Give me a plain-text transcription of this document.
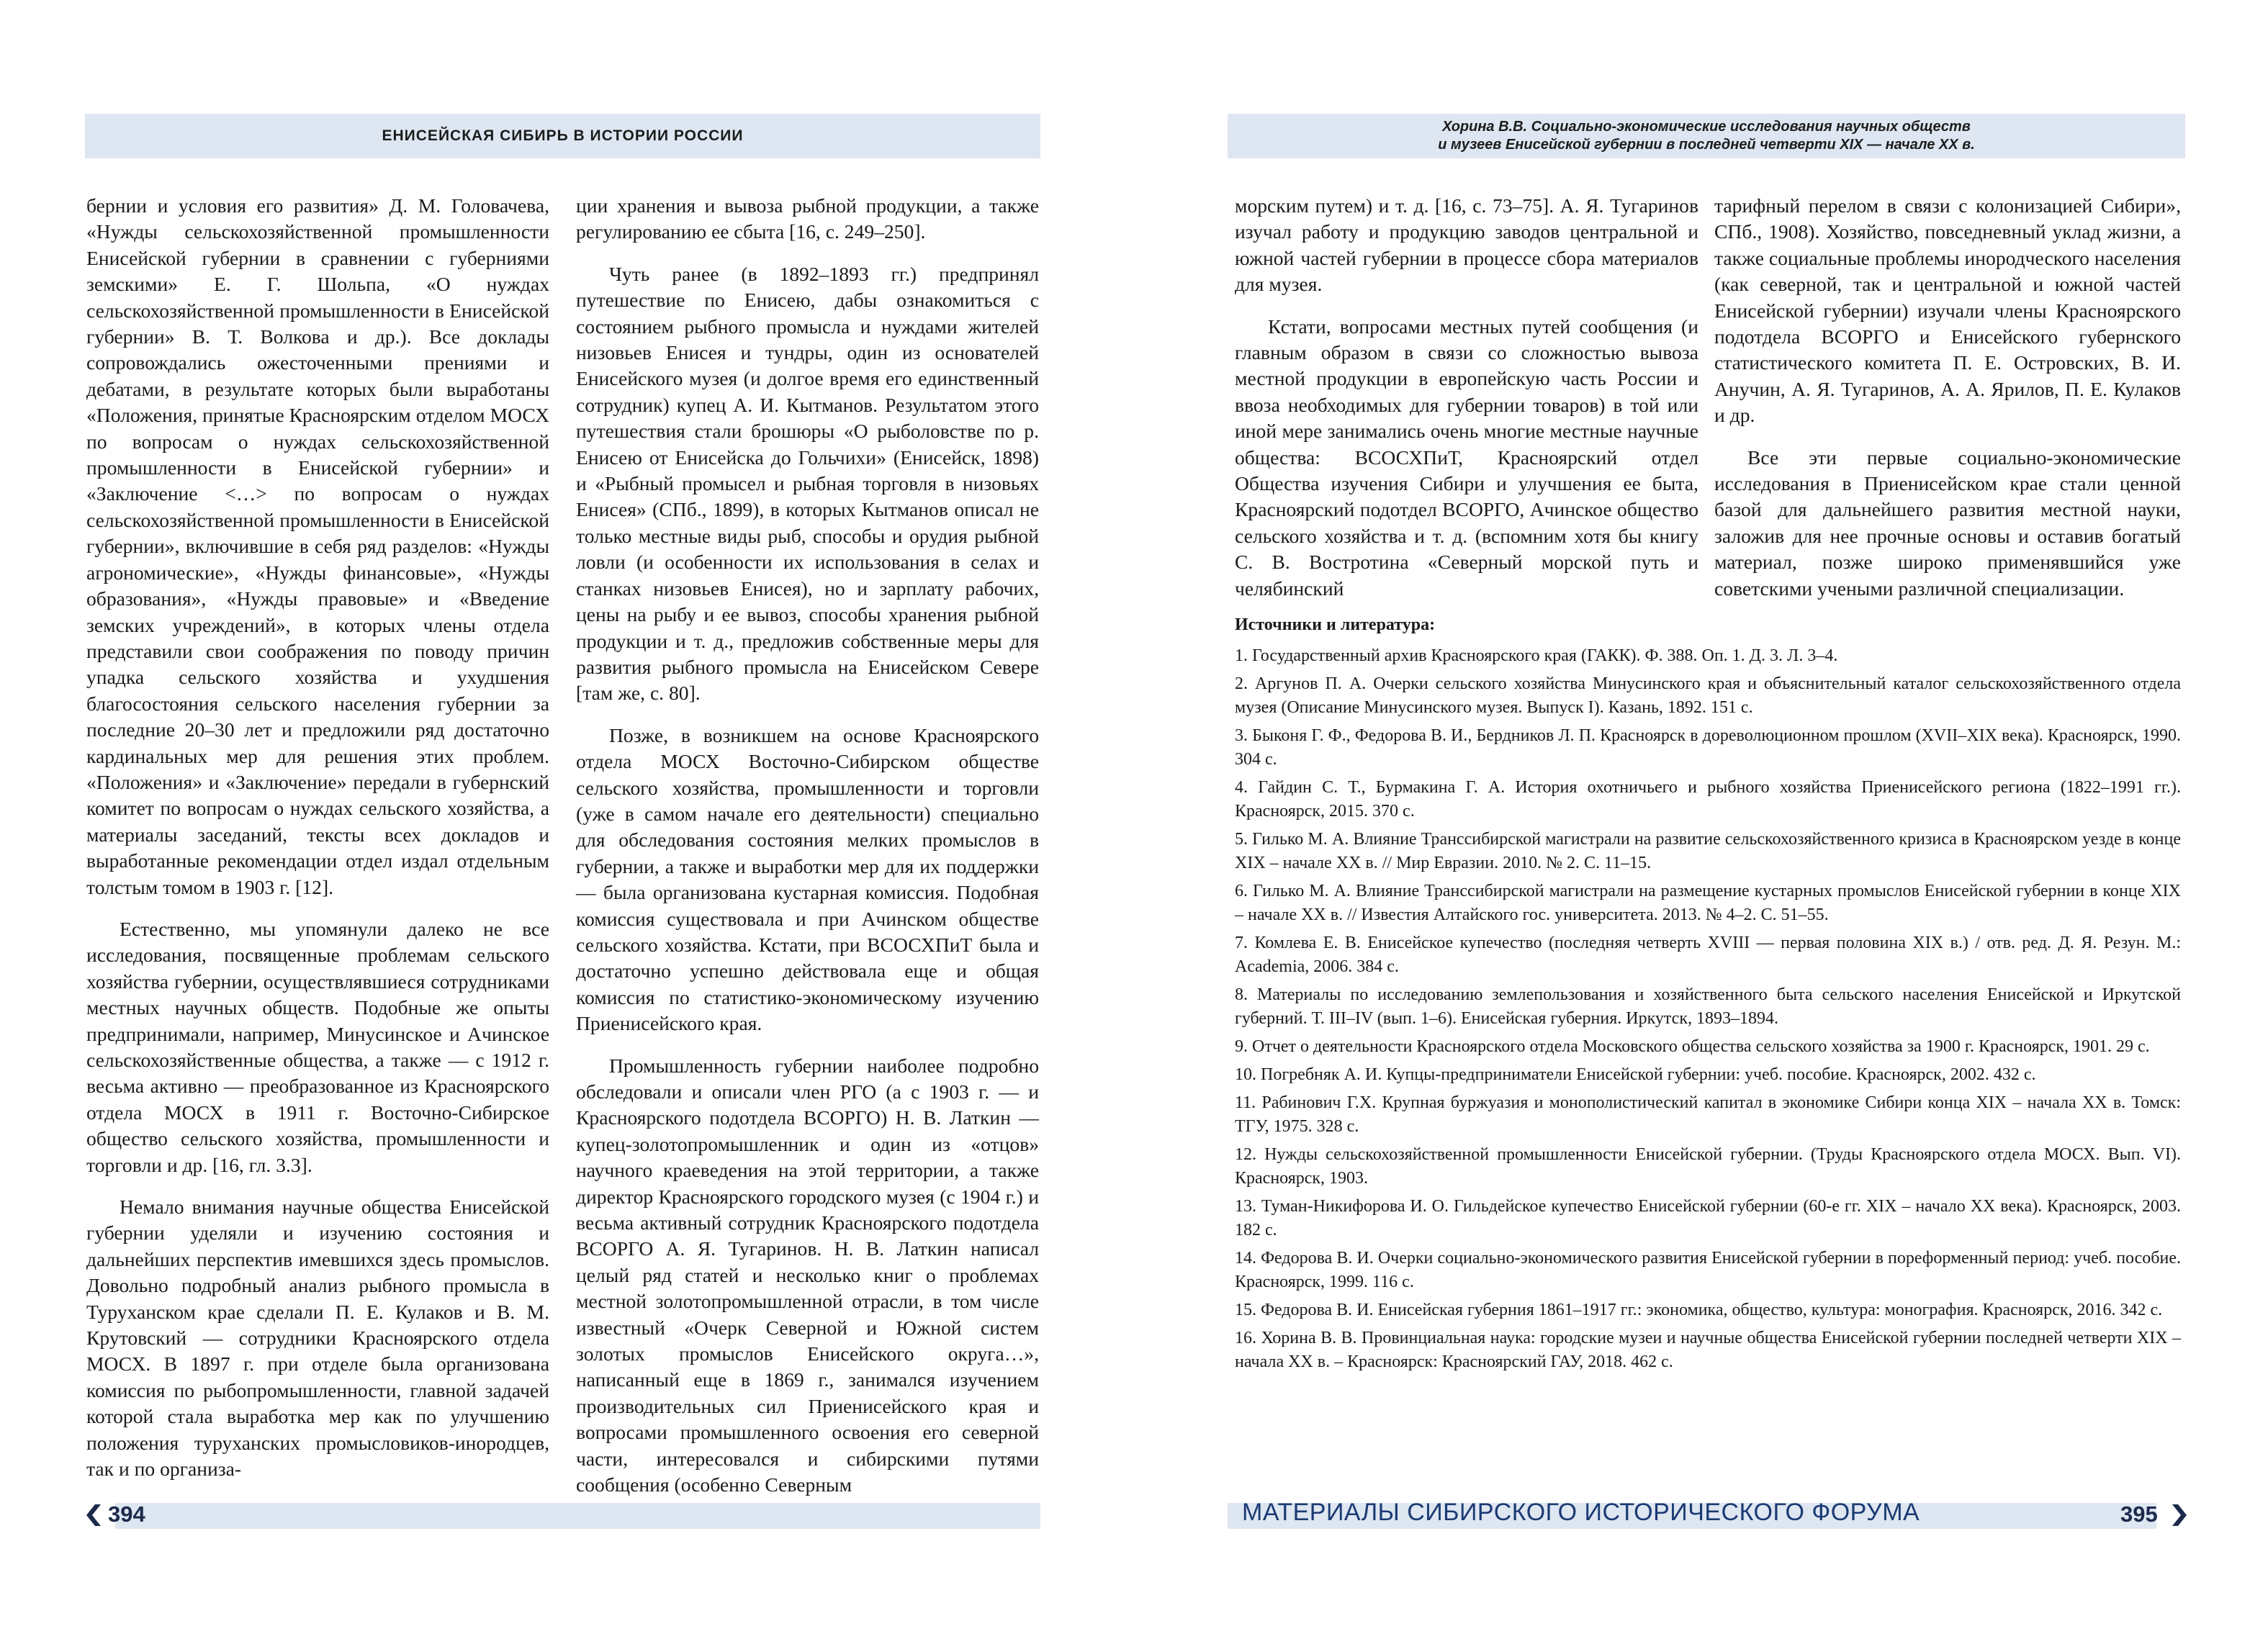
ЕНИСЕЙСКАЯ СИБИРЬ В ИСТОРИИ РОССИИ

бернии и условия его развития» Д. М. Головачева, «Нужды сельскохозяйственной промышленности Енисейской губернии в сравнении с губерниями земскими» Е. Г. Шольпа, «О нуждах сельскохозяйственной промышленности в Енисейской губернии» В. Т. Волкова и др.). Все доклады сопровождались ожесточенными прениями и дебатами, в результате которых были выработаны «Положения, принятые Красноярским отделом МОСХ по вопросам о нуждах сельскохозяйственной промышленности в Енисейской губернии» и «Заключение <…> по вопросам о нуждах сельскохозяйственной промышленности в Енисейской губернии», включившие в себя ряд разделов: «Нужды агрономические», «Нужды финансовые», «Нужды образования», «Нужды правовые» и «Введение земских учреждений», в которых члены отдела представили свои соображения по поводу причин упадка сельского хозяйства и ухудшения благосостояния сельского населения губернии за последние 20–30 лет и предложили ряд достаточно кардинальных мер для решения этих проблем. «Положения» и «Заключение» передали в губернский комитет по вопросам о нуждах сельского хозяйства, а материалы заседаний, тексты всех докладов и выработанные рекомендации отдел издал отдельным толстым томом в 1903 г. [12].

Естественно, мы упомянули далеко не все исследования, посвященные проблемам сельского хозяйства губернии, осуществлявшиеся сотрудниками местных научных обществ. Подобные же опыты предпринимали, например, Минусинское и Ачинское сельскохозяйственные общества, а также — с 1912 г. весьма активно — преобразованное из Красноярского отдела МОСХ в 1911 г. Восточно-Сибирское общество сельского хозяйства, промышленности и торговли и др. [16, гл. 3.3].

Немало внимания научные общества Енисейской губернии уделяли и изучению состояния и дальнейших перспектив имевшихся здесь промыслов. Довольно подробный анализ рыбного промысла в Туруханском крае сделали П. Е. Кулаков и В. М. Крутовский — сотрудники Красноярского отдела МОСХ. В 1897 г. при отделе была организована комиссия по рыбопромышленности, главной задачей которой стала выработка мер как по улучшению положения туруханских промысловиков-инородцев, так и по организа-

ции хранения и вывоза рыбной продукции, а также регулированию ее сбыта [16, с. 249–250].

Чуть ранее (в 1892–1893 гг.) предпринял путешествие по Енисею, дабы ознакомиться с состоянием рыбного промысла и нуждами жителей низовьев Енисея и тундры, один из основателей Енисейского музея (и долгое время его единственный сотрудник) купец А. И. Кытманов. Результатом этого путешествия стали брошюры «О рыболовстве по р. Енисею от Енисейска до Гольчихи» (Енисейск, 1898) и «Рыбный промысел и рыбная торговля в низовьях Енисея» (СПб., 1899), в которых Кытманов описал не только местные виды рыб, способы и орудия рыбной ловли (и особенности их использования в селах и станках низовьев Енисея), но и зарплату рабочих, цены на рыбу и ее вывоз, способы хранения рыбной продукции и т. д., предложив собственные меры для развития рыбного промысла на Енисейском Севере [там же, с. 80].

Позже, в возникшем на основе Красноярского отдела МОСХ Восточно-Сибирском обществе сельского хозяйства, промышленности и торговли (уже в самом начале его деятельности) специально для обследования состояния мелких промыслов в губернии, а также и выработки мер для их поддержки — была организована кустарная комиссия. Подобная комиссия существовала и при Ачинском обществе сельского хозяйства. Кстати, при ВСОСХПиТ была и достаточно успешно действовала еще и общая комиссия по статистико-экономическому изучению Приенисейского края.

Промышленность губернии наиболее подробно обследовали и описали член РГО (а с 1903 г. — и Красноярского подотдела ВСОРГО) Н. В. Латкин — купец-золотопромышленник и один из «отцов» научного краеведения на этой территории, а также директор Красноярского городского музея (с 1904 г.) и весьма активный сотрудник Красноярского подотдела ВСОРГО А. Я. Тугаринов. Н. В. Латкин написал целый ряд статей и несколько книг о проблемах местной золотопромышленной отрасли, в том числе известный «Очерк Северной и Южной систем золотых промыслов Енисейского округа…», написанный еще в 1869 г., занимался изучением производительных сил Приенисейского края и вопросами промышленного освоения его северной части, интересовался и сибирскими путями сообщения (особенно Северным

394
Хорина В.В. Социально-экономические исследования научных обществ
и музеев Енисейской губернии в последней четверти XIX — начале XX в.

морским путем) и т. д. [16, с. 73–75]. А. Я. Тугаринов изучал работу и продукцию заводов центральной и южной частей губернии в процессе сбора материалов для музея.

Кстати, вопросами местных путей сообщения (и главным образом в связи со сложностью вывоза местной продукции в европейскую часть России и ввоза необходимых для губернии товаров) в той или иной мере занимались очень многие местные научные общества: ВСОСХПиТ, Красноярский отдел Общества изучения Сибири и улучшения ее быта, Красноярский подотдел ВСОРГО, Ачинское общество сельского хозяйства и т. д. (вспомним хотя бы книгу С. В. Востротина «Северный морской путь и челябинский

тарифный перелом в связи с колонизацией Сибири», СПб., 1908). Хозяйство, повседневный уклад жизни, а также социальные проблемы инородческого населения (как северной, так и центральной и южной частей Енисейской губернии) изучали члены Красноярского подотдела ВСОРГО и Енисейского губернского статистического комитета П. Е. Островских, В. И. Анучин, А. Я. Тугаринов, А. А. Ярилов, П. Е. Кулаков и др.

Все эти первые социально-экономические исследования в Приенисейском крае стали ценной базой для дальнейшего развития местной науки, заложив для нее прочные основы и оставив богатый материал, позже широко применявшийся уже советскими учеными различной специализации.

Источники и литература:
1. Государственный архив Красноярского края (ГАКК). Ф. 388. Оп. 1. Д. 3. Л. 3–4.
2. Аргунов П. А. Очерки сельского хозяйства Минусинского края и объяснительный каталог сельскохозяйственного отдела музея (Описание Минусинского музея. Выпуск I). Казань, 1892. 151 с.
3. Быконя Г. Ф., Федорова В. И., Бердников Л. П. Красноярск в дореволюционном прошлом (XVII–XIX века). Красноярск, 1990. 304 с.
4. Гайдин С. Т., Бурмакина Г. А. История охотничьего и рыбного хозяйства Приенисейского региона (1822–1991 гг.). Красноярск, 2015. 370 с.
5. Гилько М. А. Влияние Транссибирской магистрали на развитие сельскохозяйственного кризиса в Красноярском уезде в конце XIX – начале XX в. // Мир Евразии. 2010. № 2. С. 11–15.
6. Гилько М. А. Влияние Транссибирской магистрали на размещение кустарных промыслов Енисейской губернии в конце XIX – начале XX в. // Известия Алтайского гос. университета. 2013. № 4–2. С. 51–55.
7. Комлева Е. В. Енисейское купечество (последняя четверть XVIII — первая половина XIX в.) / отв. ред. Д. Я. Резун. М.: Academia, 2006. 384 с.
8. Материалы по исследованию землепользования и хозяйственного быта сельского населения Енисейской и Иркутской губерний. Т. III–IV (вып. 1–6). Енисейская губерния. Иркутск, 1893–1894.
9. Отчет о деятельности Красноярского отдела Московского общества сельского хозяйства за 1900 г. Красноярск, 1901. 29 с.
10. Погребняк А. И. Купцы-предприниматели Енисейской губернии: учеб. пособие. Красноярск, 2002. 432 с.
11. Рабинович Г.Х. Крупная буржуазия и монополистический капитал в экономике Сибири конца XIX – начала XX в. Томск: ТГУ, 1975. 328 с.
12. Нужды сельскохозяйственной промышленности Енисейской губернии. (Труды Красноярского отдела МОСХ. Вып. VI). Красноярск, 1903.
13. Туман-Никифорова И. О. Гильдейское купечество Енисейской губернии (60-е гг. XIX – начало XX века). Красноярск, 2003. 182 с.
14. Федорова В. И. Очерки социально-экономического развития Енисейской губернии в пореформенный период: учеб. пособие. Красноярск, 1999. 116 с.
15. Федорова В. И. Енисейская губерния 1861–1917 гг.: экономика, общество, культура: монография. Красноярск, 2016. 342 с.
16. Хорина В. В. Провинциальная наука: городские музеи и научные общества Енисейской губернии последней четверти XIX – начала XX в. – Красноярск: Красноярский ГАУ, 2018. 462 с.
МАТЕРИАЛЫ СИБИРСКОГО ИСТОРИЧЕСКОГО ФОРУМА	395
